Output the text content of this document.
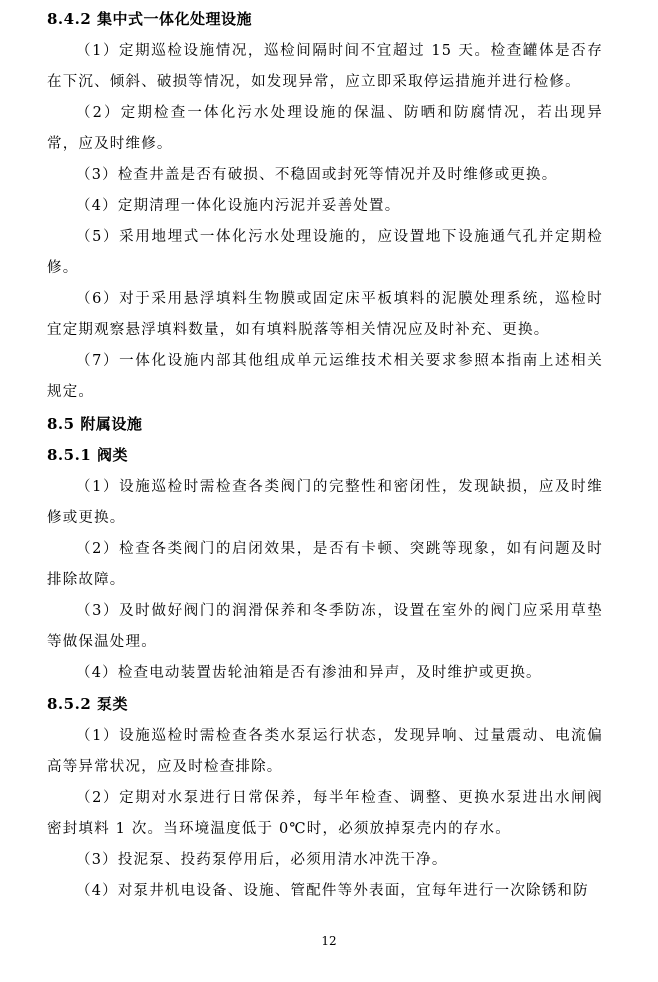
8.4.2 集中式一体化处理设施
（1）定期巡检设施情况，巡检间隔时间不宜超过 15 天。检查罐体是否存在下沉、倾斜、破损等情况，如发现异常，应立即采取停运措施并进行检修。
（2）定期检查一体化污水处理设施的保温、防晒和防腐情况，若出现异常，应及时维修。
（3）检查井盖是否有破损、不稳固或封死等情况并及时维修或更换。
（4）定期清理一体化设施内污泥并妥善处置。
（5）采用地埋式一体化污水处理设施的，应设置地下设施通气孔并定期检修。
（6）对于采用悬浮填料生物膜或固定床平板填料的泥膜处理系统，巡检时宜定期观察悬浮填料数量，如有填料脱落等相关情况应及时补充、更换。
（7）一体化设施内部其他组成单元运维技术相关要求参照本指南上述相关规定。
8.5 附属设施
8.5.1 阀类
（1）设施巡检时需检查各类阀门的完整性和密闭性，发现缺损，应及时维修或更换。
（2）检查各类阀门的启闭效果，是否有卡顿、突跳等现象，如有问题及时排除故障。
（3）及时做好阀门的润滑保养和冬季防冻，设置在室外的阀门应采用草垫等做保温处理。
（4）检查电动装置齿轮油箱是否有渗油和异声，及时维护或更换。
8.5.2 泵类
（1）设施巡检时需检查各类水泵运行状态，发现异响、过量震动、电流偏高等异常状况，应及时检查排除。
（2）定期对水泵进行日常保养，每半年检查、调整、更换水泵进出水闸阀密封填料 1 次。当环境温度低于 0℃时，必须放掉泵壳内的存水。
（3）投泥泵、投药泵停用后，必须用清水冲洗干净。
（4）对泵井机电设备、设施、管配件等外表面，宜每年进行一次除锈和防
12
